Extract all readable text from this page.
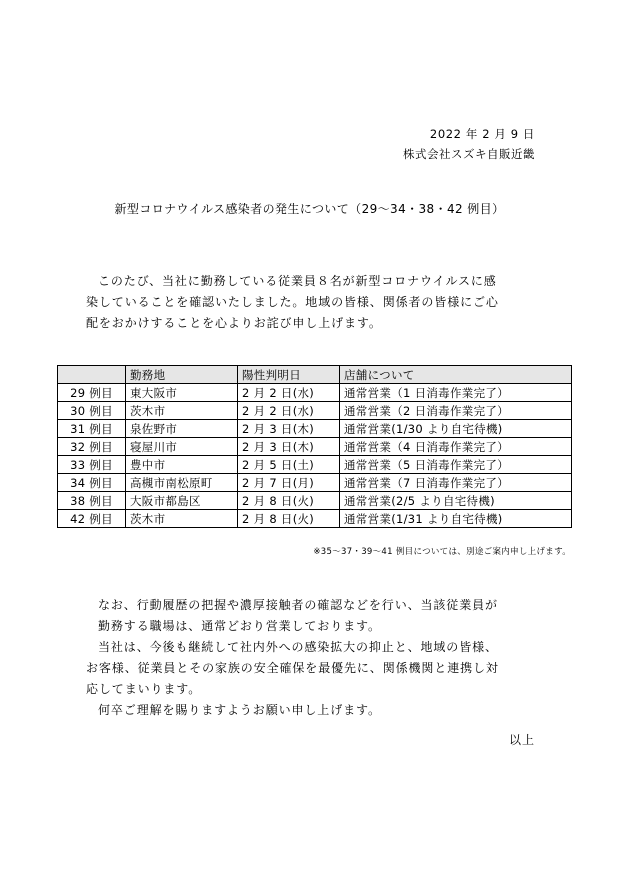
2022 年 2 月 9 日
株式会社スズキ自販近畿
新型コロナウイルス感染者の発生について（29〜34・38・42 例目）
このたび、当社に勤務している従業員８名が新型コロナウイルスに感
染していることを確認いたしました。地域の皆様、関係者の皆様にご心
配をおかけすることを心よりお詫び申し上げます。
	勤務地	陽性判明日	店舗について
29 例目	東大阪市	2 月 2 日(水)	通常営業（1 日消毒作業完了）
30 例目	茨木市	2 月 2 日(水)	通常営業（2 日消毒作業完了）
31 例目	泉佐野市	2 月 3 日(木)	通常営業(1/30 より自宅待機)
32 例目	寝屋川市	2 月 3 日(木)	通常営業（4 日消毒作業完了）
33 例目	豊中市	2 月 5 日(土)	通常営業（5 日消毒作業完了）
34 例目	高槻市南松原町	2 月 7 日(月)	通常営業（7 日消毒作業完了）
38 例目	大阪市都島区	2 月 8 日(火)	通常営業(2/5 より自宅待機)
42 例目	茨木市	2 月 8 日(火)	通常営業(1/31 より自宅待機)
※35〜37・39〜41 例目については、別途ご案内申し上げます。
なお、行動履歴の把握や濃厚接触者の確認などを行い、当該従業員が
勤務する職場は、通常どおり営業しております。
当社は、今後も継続して社内外への感染拡大の抑止と、地域の皆様、
お客様、従業員とその家族の安全確保を最優先に、関係機関と連携し対
応してまいります。
何卒ご理解を賜りますようお願い申し上げます。
以上
